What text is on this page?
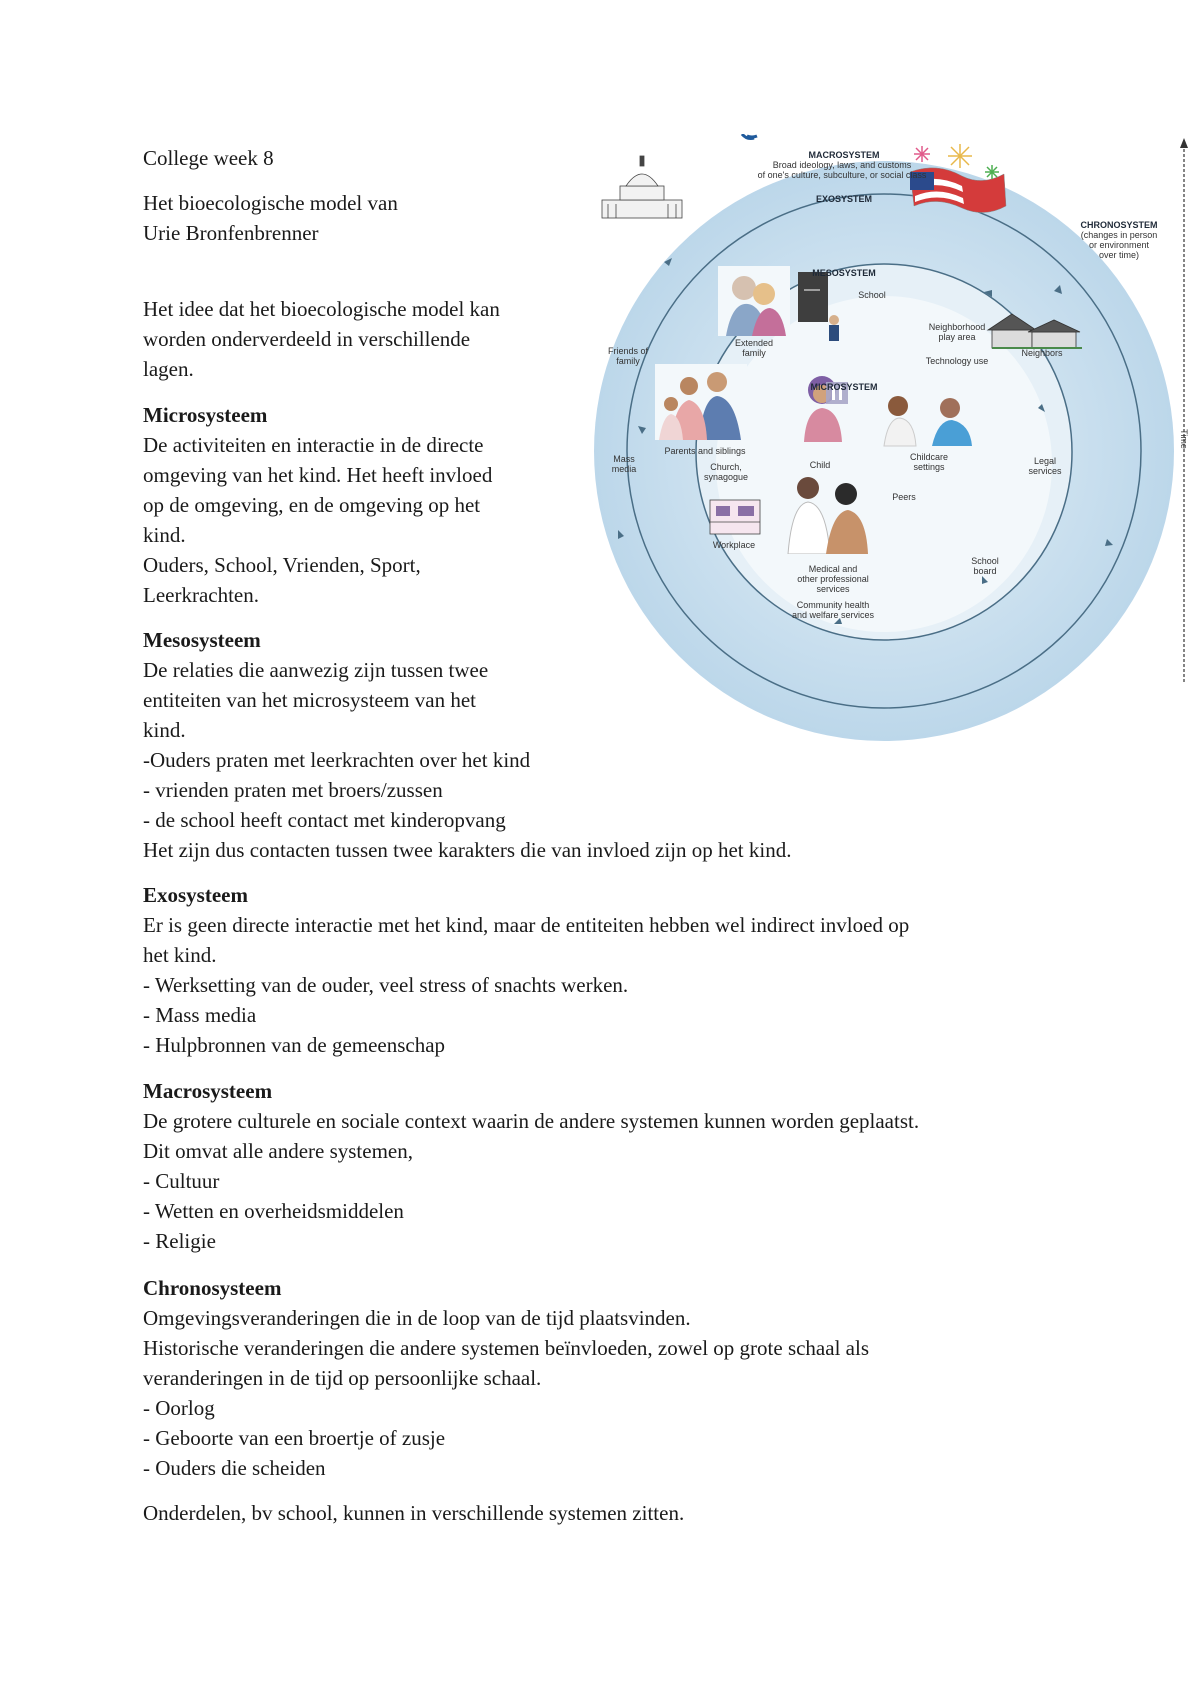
College week 8

Het bioecologische model van

Urie Bronfenbrenner

Het idee dat het bioecologische model kan

worden onderverdeeld in verschillende

lagen.

Microsysteem

De activiteiten en interactie in de directe

omgeving van het kind. Het heeft invloed

op de omgeving, en de omgeving op het

kind.

Ouders, School, Vrienden, Sport,

Leerkrachten.

Mesosysteem

De relaties die aanwezig zijn tussen twee

entiteiten van het microsysteem van het

kind.

-Ouders praten met leerkrachten over het kind

- vrienden praten met broers/zussen

- de school heeft contact met kinderopvang

Het zijn dus contacten tussen twee karakters die van invloed zijn op het kind.

Exosysteem

Er is geen directe interactie met het kind, maar de entiteiten hebben wel indirect invloed op

het kind.

- Werksetting van de ouder, veel stress of snachts werken.

- Mass media

- Hulpbronnen van de gemeenschap

Macrosysteem

De grotere culturele en sociale context waarin de andere systemen kunnen worden geplaatst.

Dit omvat alle andere systemen,

- Cultuur

- Wetten en overheidsmiddelen

- Religie

Chronosysteem

Omgevingsveranderingen die in de loop van de tijd plaatsvinden.

Historische veranderingen die andere systemen beïnvloeden, zowel op grote schaal als

veranderingen in de tijd op persoonlijke schaal.

- Oorlog

- Geboorte van een broertje of zusje

- Ouders die scheiden

Onderdelen, bv school, kunnen in verschillende systemen zitten.
MACROSYSTEM
Broad ideology, laws, and customs
of one's culture, subculture, or social class
EXOSYSTEM
MESOSYSTEM
MICROSYSTEM
CHRONOSYSTEM
(changes in person
or environment
over time)
Time
School
Neighborhood
play area
Technology use
Extended
family
Parents and siblings
Church,
synagogue
Child
Childcare
settings
Peers
Workplace
Medical and
other professional
services
Community health
and welfare services
Friends of
family
Mass
media
Neighbors
Legal
services
School
board
